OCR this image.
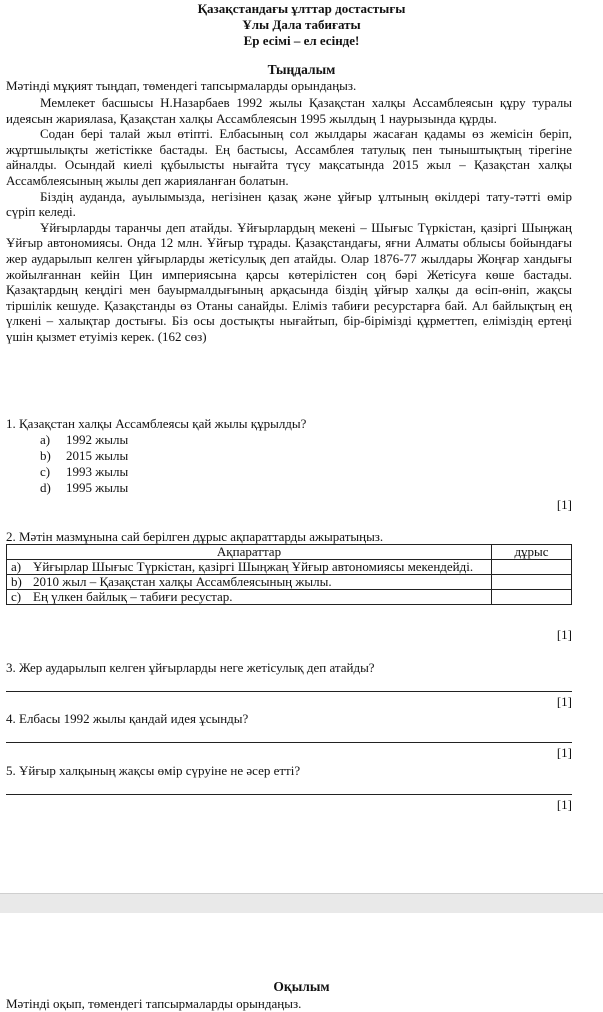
Қазақстандағы ұлттар достастығы
Ұлы Дала табиғаты
Ер есімі – ел есінде!
Тыңдалым
Мәтінді мұқият тыңдап, төмендегі тапсырмаларды орындаңыз.

Мемлекет басшысы Н.Назарбаев 1992 жылы Қазақстан халқы Ассамблеясын құру туралы идеясын жариялаѕа, Қазақстан халқы Ассамблеясын 1995 жылдың 1 наурызында құрды.

Содан бері талай жыл өтіпті. Елбасының сол жылдары жасаған қадамы өз жемісін беріп, жұртшылықты жетістікке бастады. Ең бастысы, Ассамблея татулық пен тыныштықтың тірегіне айналды. Осындай киелі құбылысты нығайта түсу мақсатында 2015 жыл – Қазақстан халқы Ассамблеясының жылы деп жарияланған болатын.

Біздің ауданда, ауылымызда, негізінен қазақ және ұйғыр ұлтының өкілдері тату-тәтті өмір сүріп келеді.

Ұйғырларды таранчы деп атайды. Ұйғырлардың мекені – Шығыс Түркістан, қазіргі Шыңжаң Ұйғыр автономиясы. Онда 12 млн. Ұйғыр тұрады. Қазақстандағы, яғни Алматы облысы бойындағы жер аударылып келген ұйғырларды жетісулық деп атайды. Олар 1876-77 жылдары Жоңғар хандығы жойылғаннан кейін Цин империясына қарсы көтерілістен соң бәрі Жетісуға көше бастады. Қазақтардың кеңдігі мен бауырмалдығының арқасында біздің ұйғыр халқы да өсіп-өніп, жақсы тіршілік кешуде. Қазақстанды өз Отаны санайды. Еліміз табиғи ресурстарға бай. Ал байлықтың ең үлкені – халықтар достығы. Біз осы достықты нығайтып, бір-бірімізді құрметтеп, еліміздің ертеңі үшін қызмет етуіміз керек. (162 сөз)

1. Қазақстан халқы Ассамблеясы қай жылы құрылды?
a) 1992 жылы
b) 2015 жылы
c) 1993 жылы
d) 1995 жылы
[1]
2. Мәтін мазмұнына сай берілген дұрыс ақпараттарды ажыратыңыз.
Ақпараттар	дұрыс
a) Ұйғырлар Шығыс Түркістан, қазіргі Шыңжаң Ұйғыр автономиясы мекендейді.	
b) 2010 жыл – Қазақстан халқы Ассамблеясының жылы.	
c) Ең үлкен байлық – табиғи ресустар.	
[1]
3. Жер аударылып келген ұйғырларды неге жетісулық деп атайды?
[1]
4. Елбасы 1992 жылы қандай идея ұсынды?
[1]
5. Ұйғыр халқының жақсы өмір сүруіне не әсер етті?
[1]
Оқылым
Мәтінді оқып, төмендегі тапсырмаларды орындаңыз.
